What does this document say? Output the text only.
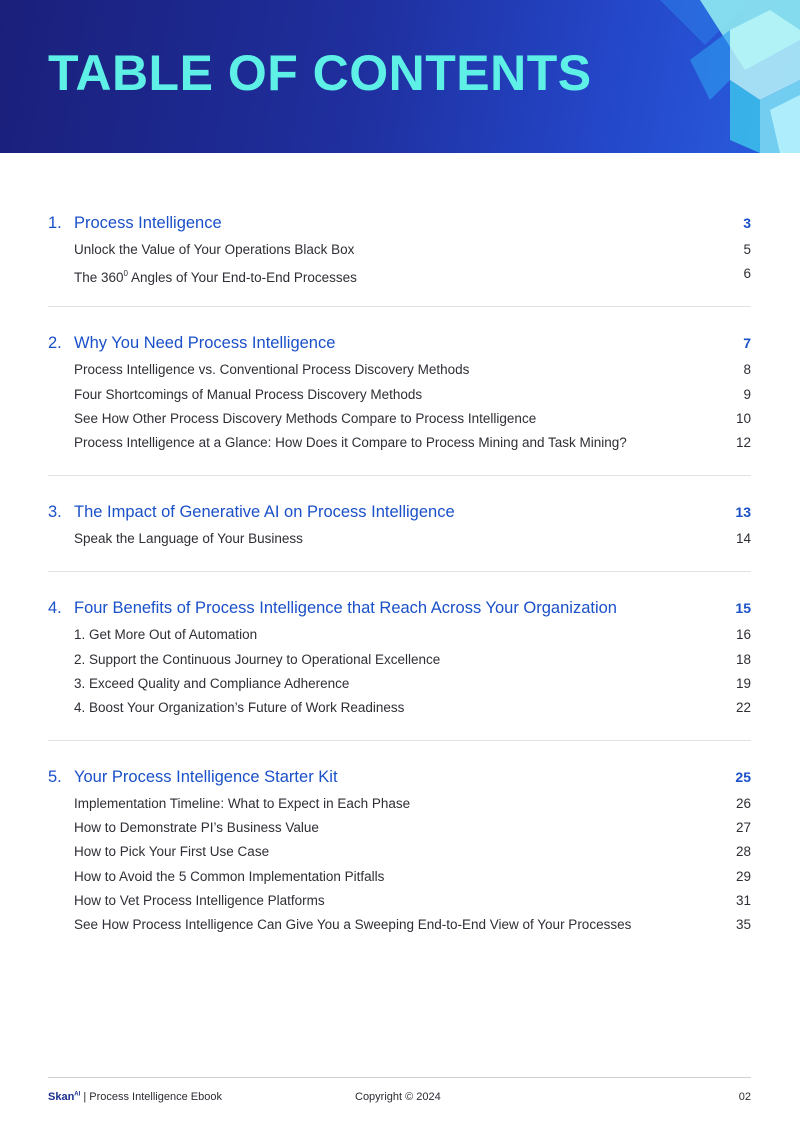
TABLE OF CONTENTS
1. Process Intelligence	3
Unlock the Value of Your Operations Black Box	5
The $360^0$ Angles of Your End-to-End Processes	6
2. Why You Need Process Intelligence	7
Process Intelligence vs. Conventional Process Discovery Methods	8
Four Shortcomings of Manual Process Discovery Methods	9
See How Other Process Discovery Methods Compare to Process Intelligence	10
Process Intelligence at a Glance: How Does it Compare to Process Mining and Task Mining?	12
3. The Impact of Generative AI on Process Intelligence	13
Speak the Language of Your Business	14
4. Four Benefits of Process Intelligence that Reach Across Your Organization	15
1. Get More Out of Automation	16
2. Support the Continuous Journey to Operational Excellence	18
3. Exceed Quality and Compliance Adherence	19
4. Boost Your Organization’s Future of Work Readiness	22
5. Your Process Intelligence Starter Kit	25
Implementation Timeline: What to Expect in Each Phase	26
How to Demonstrate PI’s Business Value	27
How to Pick Your First Use Case	28
How to Avoid the 5 Common Implementation Pitfalls	29
How to Vet Process Intelligence Platforms	31
See How Process Intelligence Can Give You a Sweeping End-to-End View of Your Processes	35
Skan$^{AI}$ | Process Intelligence Ebook	Copyright © 2024	02
